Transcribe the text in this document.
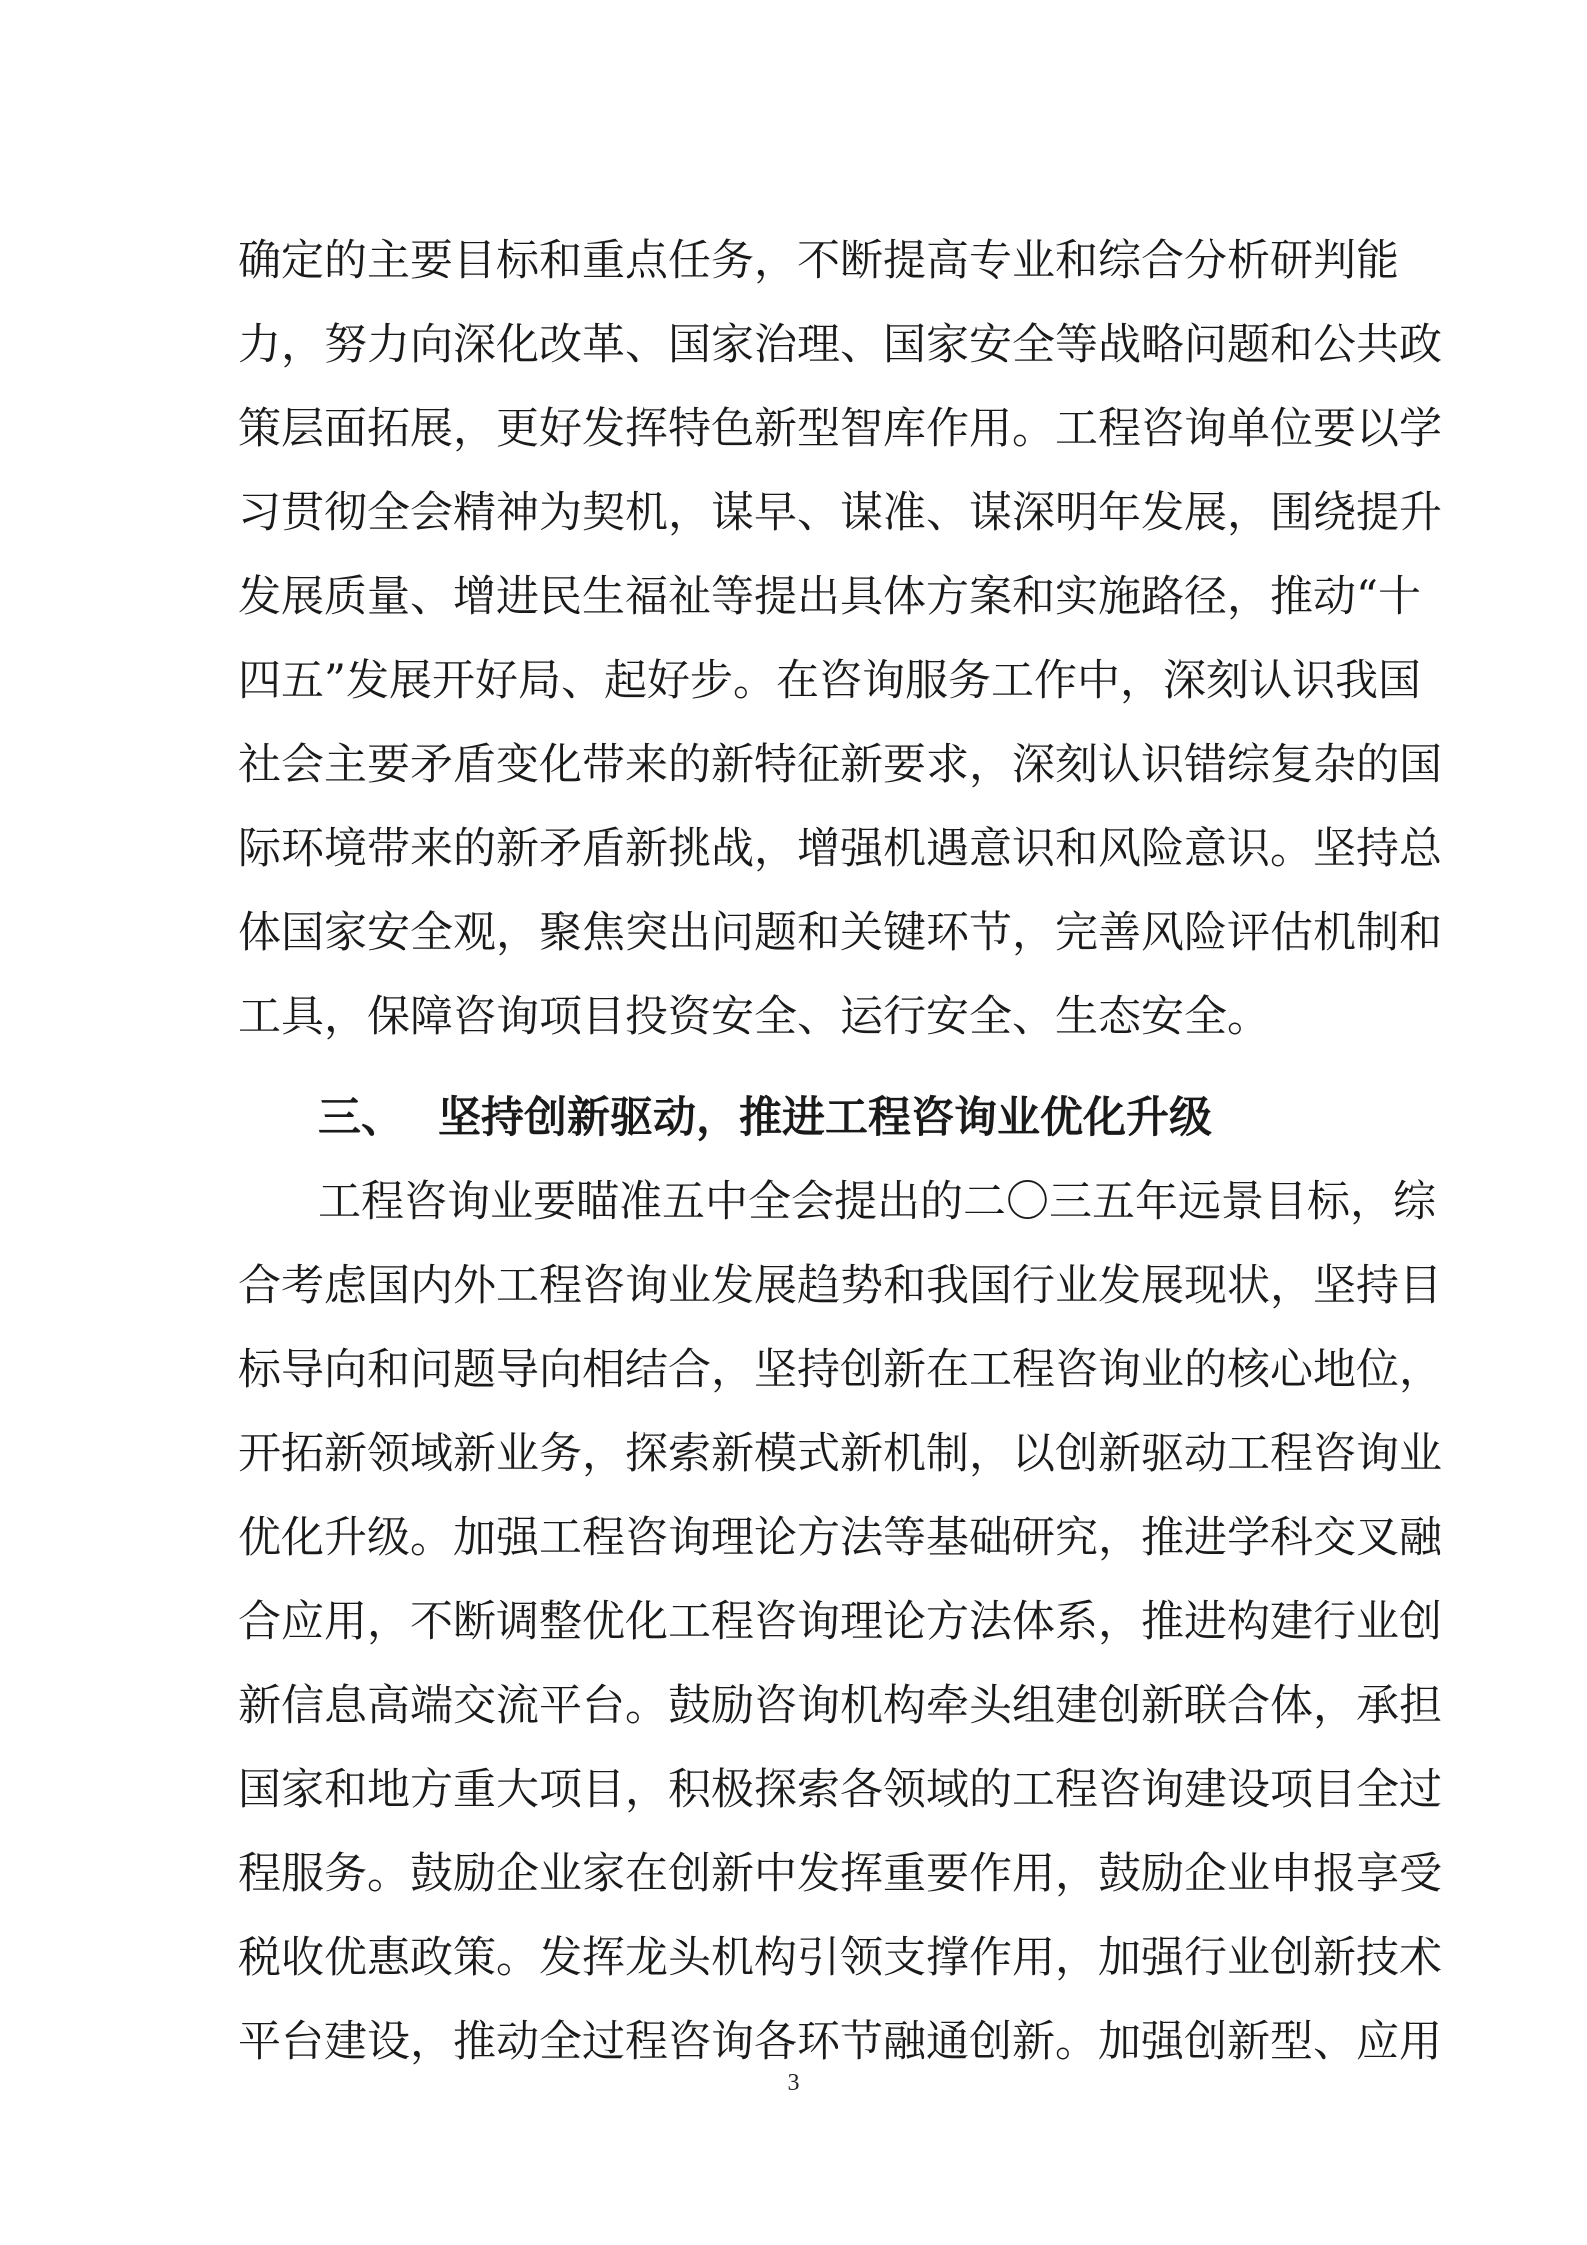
确定的主要目标和重点任务，不断提高专业和综合分析研判能
力，努力向深化改革、国家治理、国家安全等战略问题和公共政
策层面拓展，更好发挥特色新型智库作用。工程咨询单位要以学
习贯彻全会精神为契机，谋早、谋准、谋深明年发展，围绕提升
发展质量、增进民生福祉等提出具体方案和实施路径，推动“十
四五”发展开好局、起好步。在咨询服务工作中，深刻认识我国
社会主要矛盾变化带来的新特征新要求，深刻认识错综复杂的国
际环境带来的新矛盾新挑战，增强机遇意识和风险意识。坚持总
体国家安全观，聚焦突出问题和关键环节，完善风险评估机制和
工具，保障咨询项目投资安全、运行安全、生态安全。
三、 坚持创新驱动，推进工程咨询业优化升级
工程咨询业要瞄准五中全会提出的二〇三五年远景目标，综
合考虑国内外工程咨询业发展趋势和我国行业发展现状，坚持目
标导向和问题导向相结合，坚持创新在工程咨询业的核心地位，
开拓新领域新业务，探索新模式新机制，以创新驱动工程咨询业
优化升级。加强工程咨询理论方法等基础研究，推进学科交叉融
合应用，不断调整优化工程咨询理论方法体系，推进构建行业创
新信息高端交流平台。鼓励咨询机构牵头组建创新联合体，承担
国家和地方重大项目，积极探索各领域的工程咨询建设项目全过
程服务。鼓励企业家在创新中发挥重要作用，鼓励企业申报享受
税收优惠政策。发挥龙头机构引领支撑作用，加强行业创新技术
平台建设，推动全过程咨询各环节融通创新。加强创新型、应用
3
